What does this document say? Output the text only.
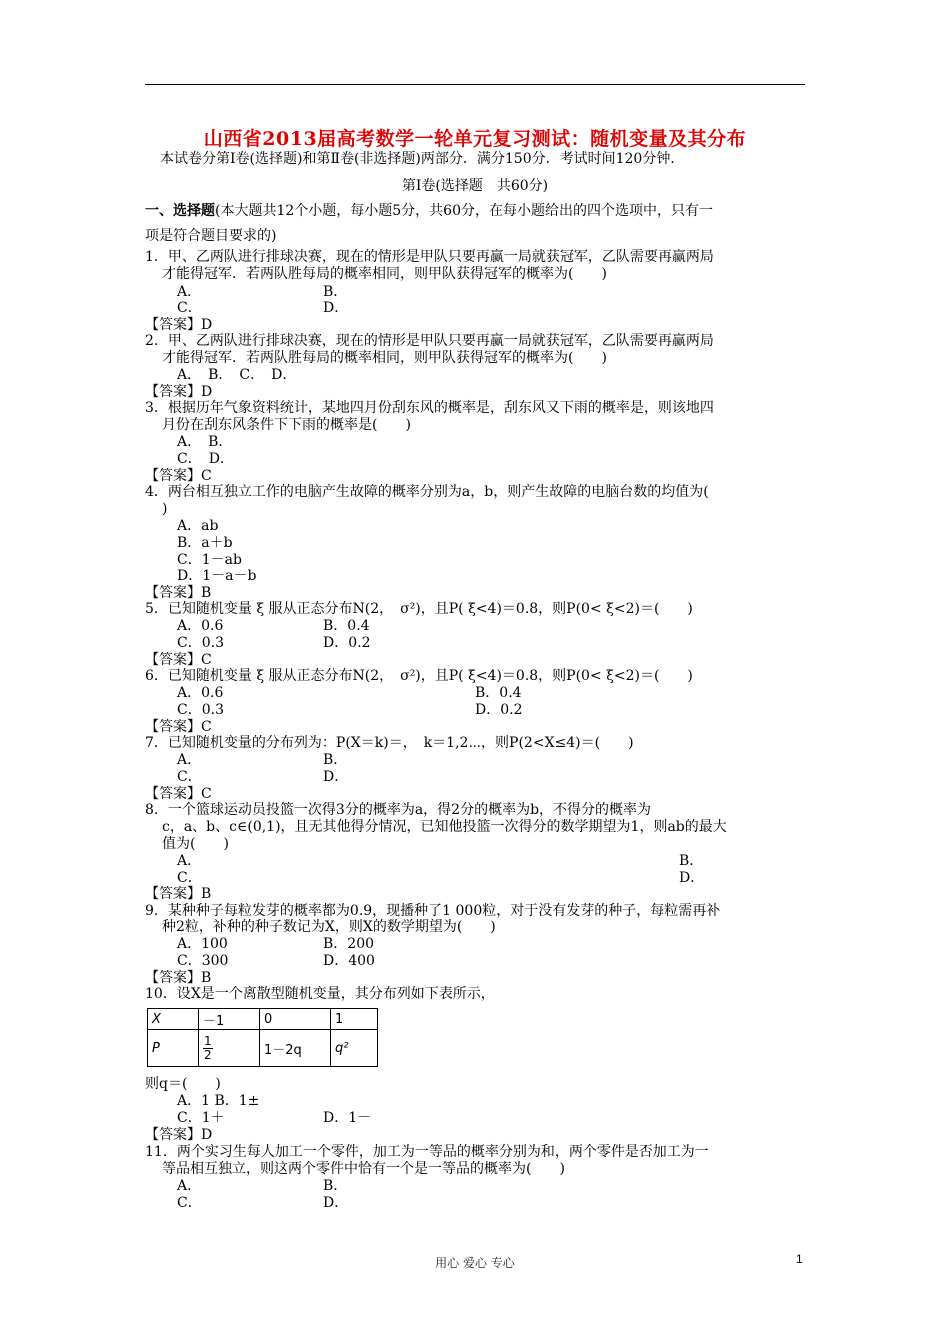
山西省2013届高考数学一轮单元复习测试：随机变量及其分布
本试卷分第Ⅰ卷(选择题)和第Ⅱ卷(非选择题)两部分．满分150分．考试时间120分钟．
第Ⅰ卷(选择题　共60分)
一、选择题(本大题共12个小题，每小题5分，共60分，在每小题给出的四个选项中，只有一
项是符合题目要求的)
1．甲、乙两队进行排球决赛，现在的情形是甲队只要再赢一局就获冠军，乙队需要再赢两局
才能得冠军．若两队胜每局的概率相同，则甲队获得冠军的概率为(　　)
A．	B．
C．	D．
【答案】D
2．甲、乙两队进行排球决赛，现在的情形是甲队只要再赢一局就获冠军，乙队需要再赢两局
才能得冠军．若两队胜每局的概率相同，则甲队获得冠军的概率为(　　)
A．　B．　C．　D．
【答案】D
3．根据历年气象资料统计，某地四月份刮东风的概率是，刮东风又下雨的概率是，则该地四
月份在刮东风条件下下雨的概率是(　　)
A．　B．
C．　D．
【答案】C
4．两台相互独立工作的电脑产生故障的概率分别为a，b，则产生故障的电脑台数的均值为(
)
A．ab
B．a＋b
C．1－ab
D．1－a－b
【答案】B
5．已知随机变量 ξ 服从正态分布N(2，　σ²)，且P( ξ<4)＝0.8，则P(0< ξ<2)＝(　　)
A．0.6	B．0.4
C．0.3	D．0.2
【答案】C
6．已知随机变量 ξ 服从正态分布N(2，　σ²)，且P( ξ<4)＝0.8，则P(0< ξ<2)＝(　　)
A．0.6	B．0.4
C．0.3	D．0.2
【答案】C
7．已知随机变量的分布列为：P(X＝k)＝，　k＝1,2⋯，则P(2<X≤4)＝(　　)
A．	B．
C．	D．
【答案】C
8．一个篮球运动员投篮一次得3分的概率为a，得2分的概率为b，不得分的概率为
c，a、b、c∈(0,1)，且无其他得分情况，已知他投篮一次得分的数学期望为1，则ab的最大
值为(　　)
A．	B．
C．	D．
【答案】B
9．某种种子每粒发芽的概率都为0.9，现播种了1 000粒，对于没有发芽的种子，每粒需再补
种2粒，补种的种子数记为X，则X的数学期望为(　　)
A．100	B．200
C．300	D．400
【答案】B
10．设X是一个离散型随机变量，其分布列如下表所示，
X	－1	0	1
P	$\frac{1}{2}$	1－2q	q²
则q＝(　　)
A．1 B．1±
C．1＋	D．1－
【答案】D
11．两个实习生每人加工一个零件，加工为一等品的概率分别为和，两个零件是否加工为一
等品相互独立，则这两个零件中恰有一个是一等品的概率为(　　)
A．	B．
C．	D．
用心 爱心 专心	1
